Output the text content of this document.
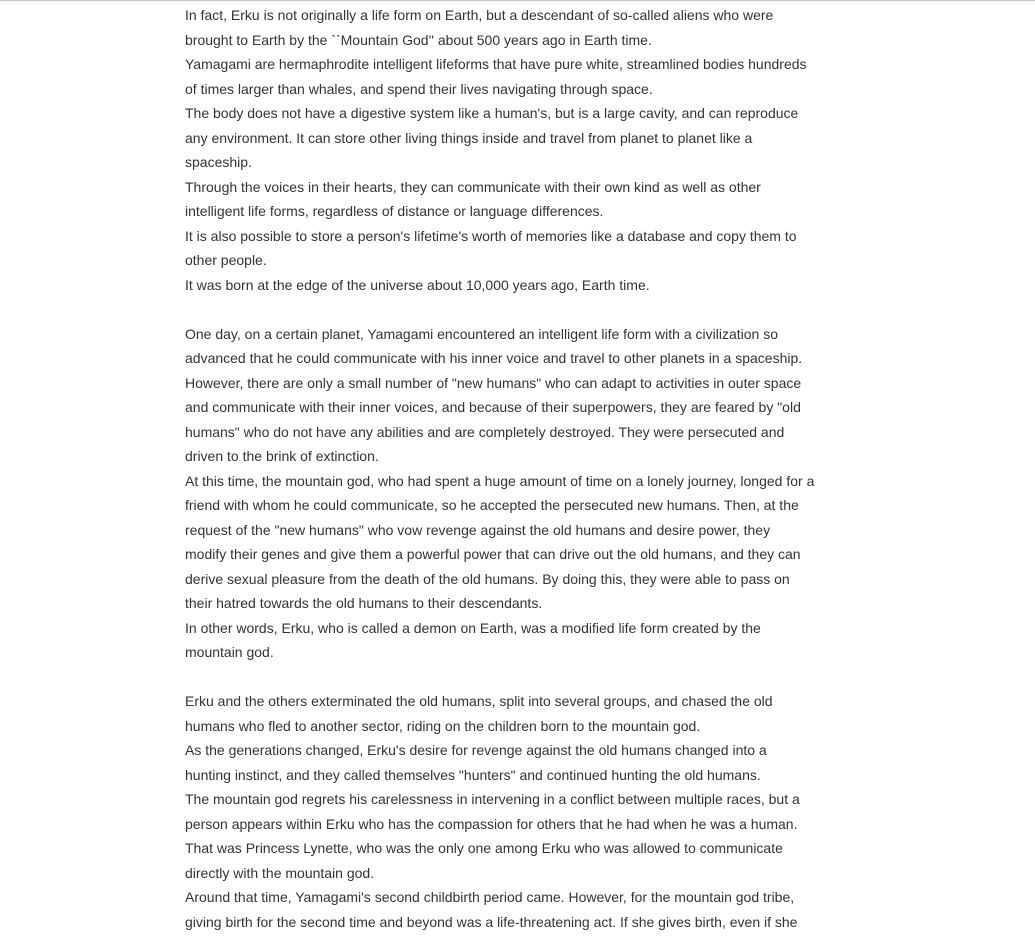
In fact, Erku is not originally a life form on Earth, but a descendant of so-called aliens who were brought to Earth by the ``Mountain God'' about 500 years ago in Earth time.

Yamagami are hermaphrodite intelligent lifeforms that have pure white, streamlined bodies hundreds of times larger than whales, and spend their lives navigating through space.

The body does not have a digestive system like a human's, but is a large cavity, and can reproduce any environment. It can store other living things inside and travel from planet to planet like a spaceship.

Through the voices in their hearts, they can communicate with their own kind as well as other intelligent life forms, regardless of distance or language differences.

It is also possible to store a person's lifetime's worth of memories like a database and copy them to other people.

It was born at the edge of the universe about 10,000 years ago, Earth time.

One day, on a certain planet, Yamagami encountered an intelligent life form with a civilization so advanced that he could communicate with his inner voice and travel to other planets in a spaceship.

However, there are only a small number of "new humans" who can adapt to activities in outer space and communicate with their inner voices, and because of their superpowers, they are feared by "old humans" who do not have any abilities and are completely destroyed. They were persecuted and driven to the brink of extinction.

At this time, the mountain god, who had spent a huge amount of time on a lonely journey, longed for a friend with whom he could communicate, so he accepted the persecuted new humans. Then, at the request of the "new humans" who vow revenge against the old humans and desire power, they modify their genes and give them a powerful power that can drive out the old humans, and they can derive sexual pleasure from the death of the old humans. By doing this, they were able to pass on their hatred towards the old humans to their descendants.

In other words, Erku, who is called a demon on Earth, was a modified life form created by the mountain god.

Erku and the others exterminated the old humans, split into several groups, and chased the old humans who fled to another sector, riding on the children born to the mountain god.

As the generations changed, Erku's desire for revenge against the old humans changed into a hunting instinct, and they called themselves "hunters" and continued hunting the old humans.

The mountain god regrets his carelessness in intervening in a conflict between multiple races, but a person appears within Erku who has the compassion for others that he had when he was a human. That was Princess Lynette, who was the only one among Erku who was allowed to communicate directly with the mountain god.

Around that time, Yamagami's second childbirth period came. However, for the mountain god tribe, giving birth for the second time and beyond was a life-threatening act. If she gives birth, even if she
